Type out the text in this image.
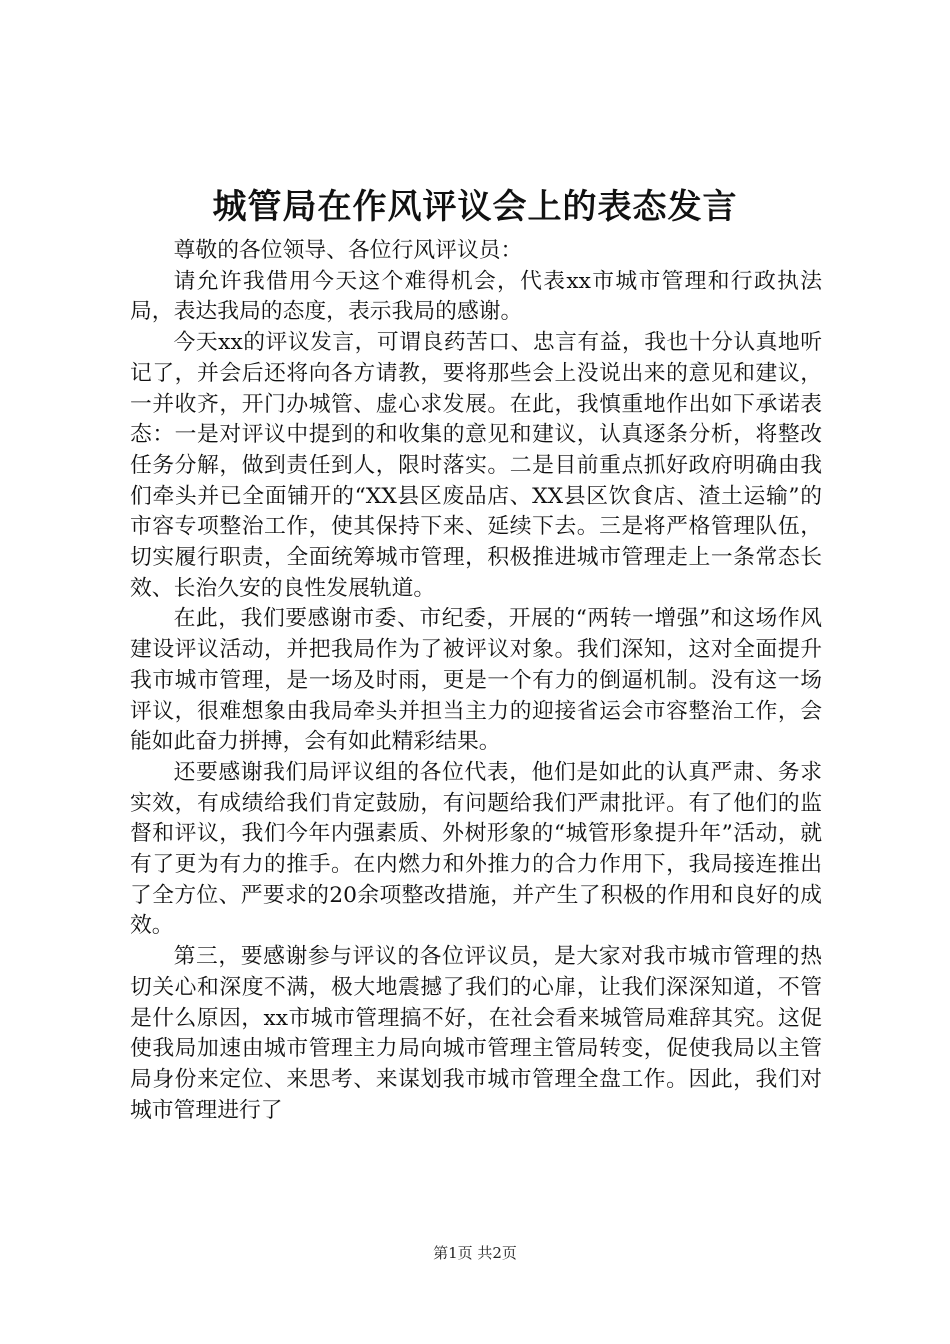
城管局在作风评议会上的表态发言

尊敬的各位领导、各位行风评议员：

请允许我借用今天这个难得机会，代表xx市城市管理和行政执法局，表达我局的态度，表示我局的感谢。

今天xx的评议发言，可谓良药苦口、忠言有益，我也十分认真地听记了，并会后还将向各方请教，要将那些会上没说出来的意见和建议，一并收齐，开门办城管、虚心求发展。在此，我慎重地作出如下承诺表态：一是对评议中提到的和收集的意见和建议，认真逐条分析，将整改任务分解，做到责任到人，限时落实。二是目前重点抓好政府明确由我们牵头并已全面铺开的“XX县区废品店、XX县区饮食店、渣土运输”的市容专项整治工作，使其保持下来、延续下去。三是将严格管理队伍，切实履行职责，全面统筹城市管理，积极推进城市管理走上一条常态长效、长治久安的良性发展轨道。

在此，我们要感谢市委、市纪委，开展的“两转一增强”和这场作风建设评议活动，并把我局作为了被评议对象。我们深知，这对全面提升我市城市管理，是一场及时雨，更是一个有力的倒逼机制。没有这一场评议，很难想象由我局牵头并担当主力的迎接省运会市容整治工作，会能如此奋力拼搏，会有如此精彩结果。

还要感谢我们局评议组的各位代表，他们是如此的认真严肃、务求实效，有成绩给我们肯定鼓励，有问题给我们严肃批评。有了他们的监督和评议，我们今年内强素质、外树形象的“城管形象提升年”活动，就有了更为有力的推手。在内燃力和外推力的合力作用下，我局接连推出了全方位、严要求的20余项整改措施，并产生了积极的作用和良好的成效。

第三，要感谢参与评议的各位评议员，是大家对我市城市管理的热切关心和深度不满，极大地震撼了我们的心扉，让我们深深知道，不管是什么原因，xx市城市管理搞不好，在社会看来城管局难辞其究。这促使我局加速由城市管理主力局向城市管理主管局转变，促使我局以主管局身份来定位、来思考、来谋划我市城市管理全盘工作。因此，我们对城市管理进行了

第1页 共2页
